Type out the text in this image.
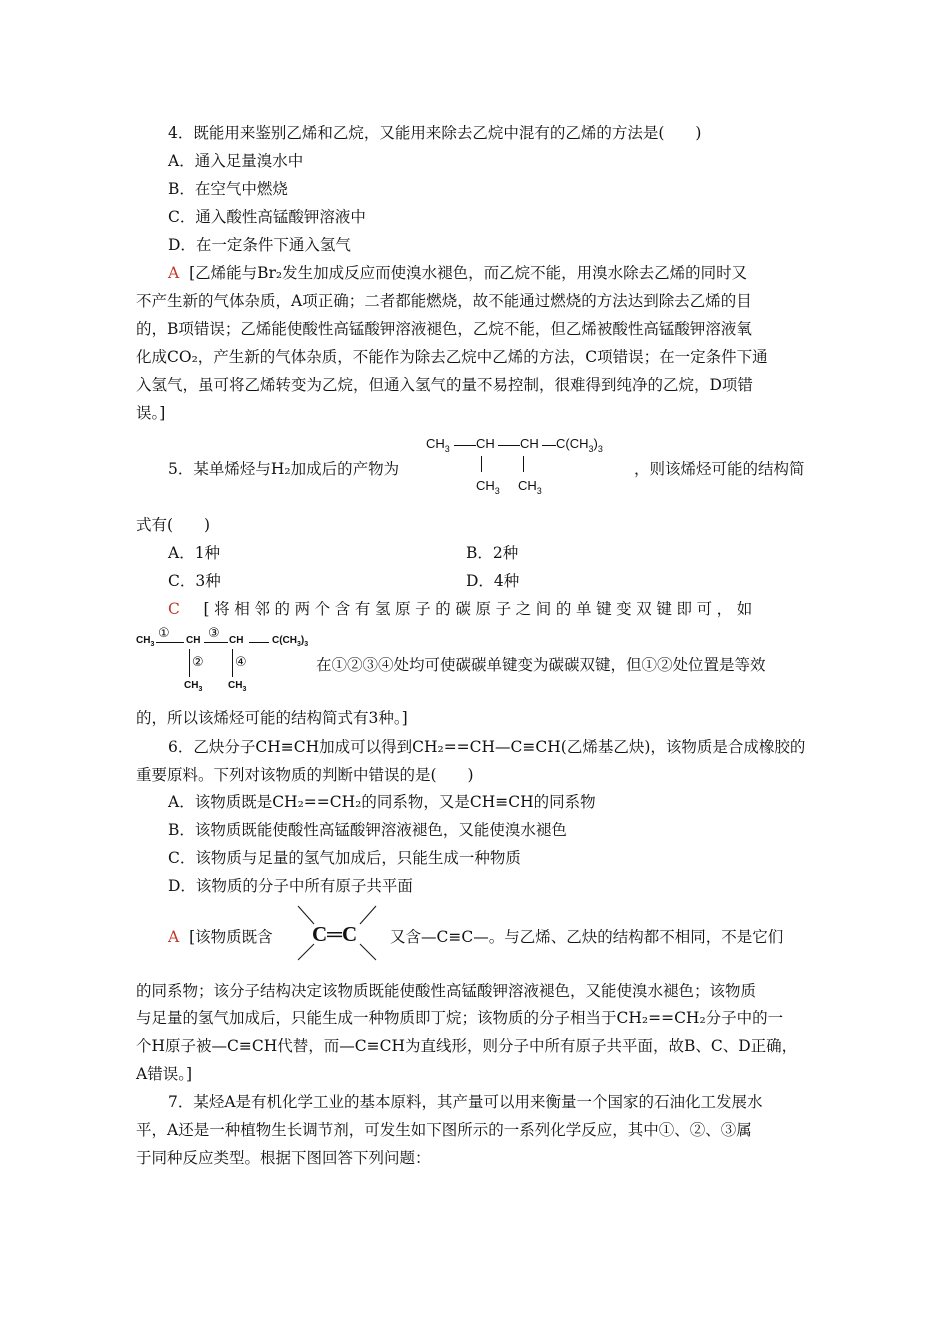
4．既能用来鉴别乙烯和乙烷，又能用来除去乙烷中混有的乙烯的方法是(　　)
A．通入足量溴水中
B．在空气中燃烧
C．通入酸性高锰酸钾溶液中
D．在一定条件下通入氢气
A [乙烯能与Br₂发生加成反应而使溴水褪色，而乙烷不能，用溴水除去乙烯的同时又
不产生新的气体杂质，A项正确；二者都能燃烧，故不能通过燃烧的方法达到除去乙烯的目
的，B项错误；乙烯能使酸性高锰酸钾溶液褪色，乙烷不能，但乙烯被酸性高锰酸钾溶液氧
化成CO₂，产生新的气体杂质，不能作为除去乙烷中乙烯的方法，C项错误；在一定条件下通
入氢气，虽可将乙烯转变为乙烷，但通入氢气的量不易控制，很难得到纯净的乙烷，D项错
误。]
5．某单烯烃与H₂加成后的产物为
$CH_3$ CH CH $C(CH_3)_3$
$CH_3$ $CH_3$
，则该烯烃可能的结构简
式有(　　)
A．1种	B．2种
C．3种	D．4种
C [将相邻的两个含有氢原子的碳原子之间的单键变双键即可，如
$CH_3$
①
CH
③
CH	$C(CH_3)_3$
② ④
$CH_3$	$CH_3$
在①②③④处均可使碳碳单键变为碳碳双键，但①②处位置是等效
的，所以该烯烃可能的结构简式有3种。]
6．乙炔分子CH≡CH加成可以得到CH₂==CH—C≡CH(乙烯基乙炔)，该物质是合成橡胶的
重要原料。下列对该物质的判断中错误的是(　　)
A．该物质既是CH₂==CH₂的同系物，又是CH≡CH的同系物
B．该物质既能使酸性高锰酸钾溶液褪色，又能使溴水褪色
C．该物质与足量的氢气加成后，只能生成一种物质
D．该物质的分子中所有原子共平面
A [该物质既含 C═C 又含—C≡C—。与乙烯、乙炔的结构都不相同，不是它们
的同系物；该分子结构决定该物质既能使酸性高锰酸钾溶液褪色，又能使溴水褪色；该物质
与足量的氢气加成后，只能生成一种物质即丁烷；该物质的分子相当于CH₂==CH₂分子中的一
个H原子被—C≡CH代替，而—C≡CH为直线形，则分子中所有原子共平面，故B、C、D正确，
A错误。]
7．某烃A是有机化学工业的基本原料，其产量可以用来衡量一个国家的石油化工发展水
平，A还是一种植物生长调节剂，可发生如下图所示的一系列化学反应，其中①、②、③属
于同种反应类型。根据下图回答下列问题：
